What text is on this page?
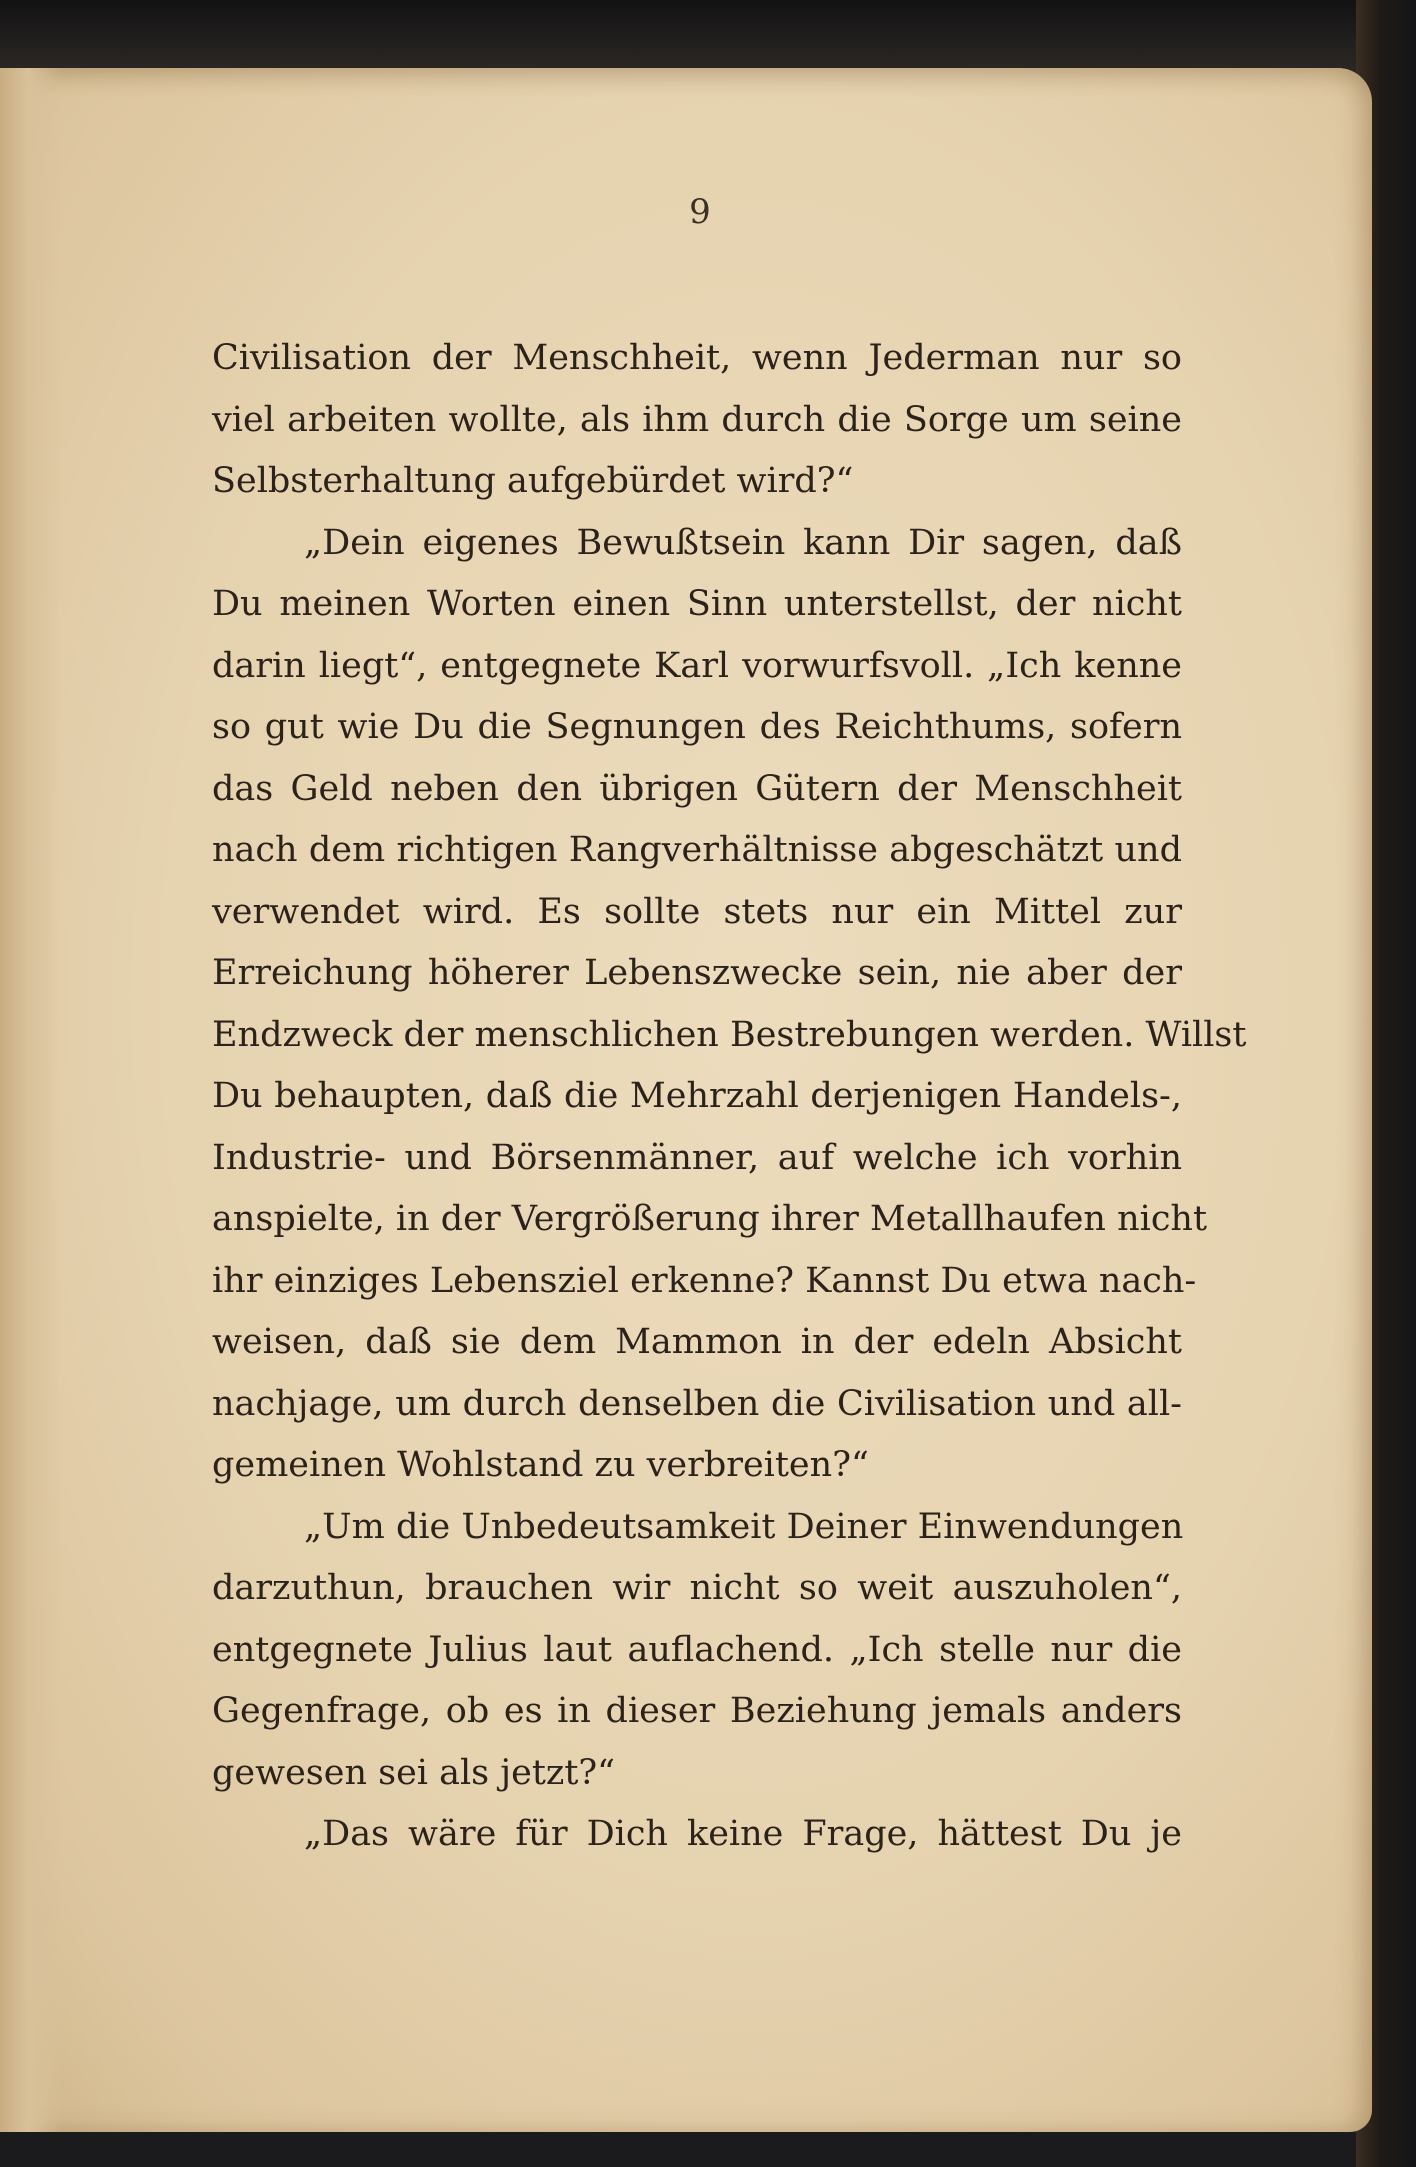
9
Civilisation der Menschheit, wenn Jederman nur so
viel arbeiten wollte, als ihm durch die Sorge um seine
Selbsterhaltung aufgebürdet wird?“
„Dein eigenes Bewußtsein kann Dir sagen, daß
Du meinen Worten einen Sinn unterstellst, der nicht
darin liegt“, entgegnete Karl vorwurfsvoll. „Ich kenne
so gut wie Du die Segnungen des Reichthums, sofern
das Geld neben den übrigen Gütern der Menschheit
nach dem richtigen Rangverhältnisse abgeschätzt und
verwendet wird. Es sollte stets nur ein Mittel zur
Erreichung höherer Lebenszwecke sein, nie aber der
Endzweck der menschlichen Bestrebungen werden. Willst
Du behaupten, daß die Mehrzahl derjenigen Handels-,
Industrie- und Börsenmänner, auf welche ich vorhin
anspielte, in der Vergrößerung ihrer Metallhaufen nicht
ihr einziges Lebensziel erkenne? Kannst Du etwa nach-
weisen, daß sie dem Mammon in der edeln Absicht
nachjage, um durch denselben die Civilisation und all-
gemeinen Wohlstand zu verbreiten?“
„Um die Unbedeutsamkeit Deiner Einwendungen
darzuthun, brauchen wir nicht so weit auszuholen“,
entgegnete Julius laut auflachend. „Ich stelle nur die
Gegenfrage, ob es in dieser Beziehung jemals anders
gewesen sei als jetzt?“
„Das wäre für Dich keine Frage, hättest Du je
